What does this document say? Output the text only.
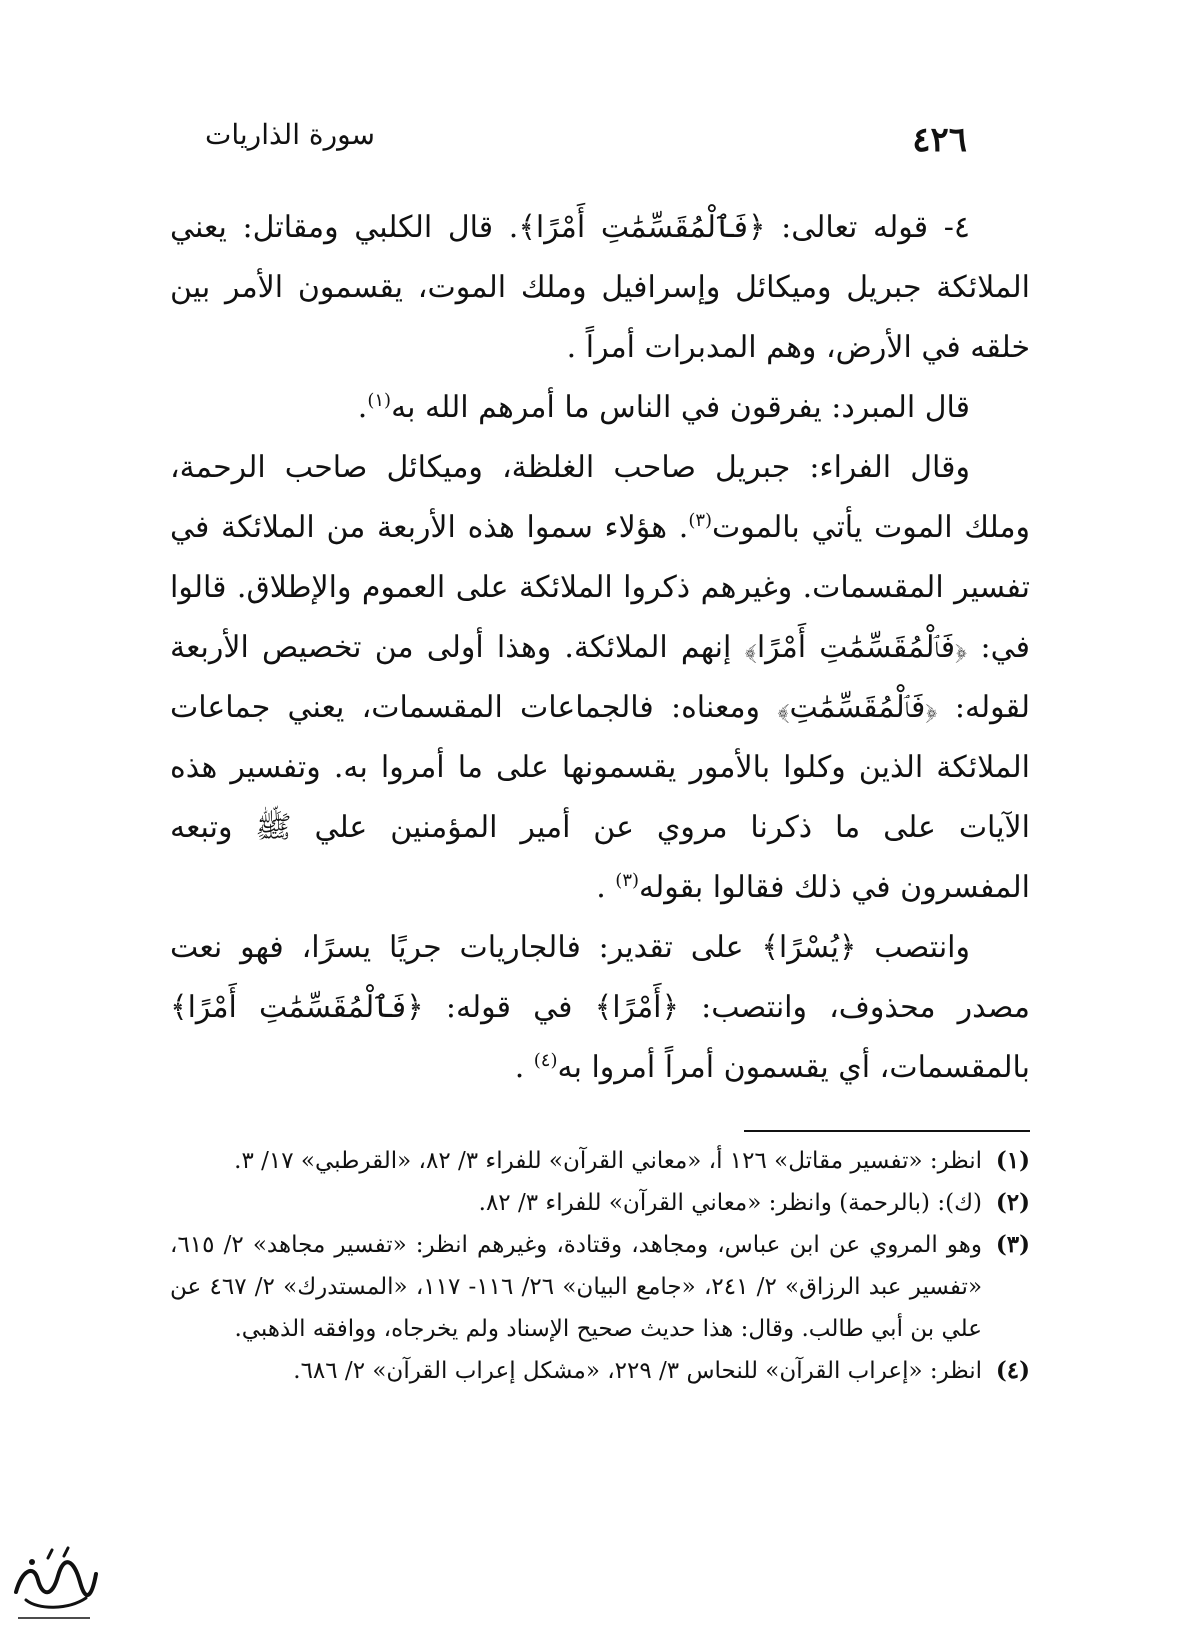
٤٢٦
سورة الذاريات

٤- قوله تعالى: ﴿فَٱلْمُقَسِّمَٰتِ أَمْرًا﴾. قال الكلبي ومقاتل: يعني الملائكة جبريل وميكائل وإسرافيل وملك الموت، يقسمون الأمر بين خلقه في الأرض، وهم المدبرات أمراً .

قال المبرد: يفرقون في الناس ما أمرهم الله به$^{(١)}$.

وقال الفراء: جبريل صاحب الغلظة، وميكائل صاحب الرحمة، وملك الموت يأتي بالموت$^{(٣)}$. هؤلاء سموا هذه الأربعة من الملائكة في تفسير المقسمات. وغيرهم ذكروا الملائكة على العموم والإطلاق. قالوا في: ﴿فَٱلْمُقَسِّمَٰتِ أَمْرًا﴾ إنهم الملائكة. وهذا أولى من تخصيص الأربعة لقوله: ﴿فَٱلْمُقَسِّمَٰتِ﴾ ومعناه: فالجماعات المقسمات، يعني جماعات الملائكة الذين وكلوا بالأمور يقسمونها على ما أمروا به. وتفسير هذه الآيات على ما ذكرنا مروي عن أمير المؤمنين علي ﷺ وتبعه المفسرون في ذلك فقالوا بقوله$^{(٣)}$ .

وانتصب ﴿يُسْرًا﴾ على تقدير: فالجاريات جريًا يسرًا، فهو نعت مصدر محذوف، وانتصب: ﴿أَمْرًا﴾ في قوله: ﴿فَٱلْمُقَسِّمَٰتِ أَمْرًا﴾ بالمقسمات، أي يقسمون أمراً أمروا به$^{(٤)}$ .

(١)
انظر: «تفسير مقاتل» ١٢٦ أ، «معاني القرآن» للفراء ٣/ ٨٢، «القرطبي» ١٧/ ٣.
(٢)
(ك): (بالرحمة) وانظر: «معاني القرآن» للفراء ٣/ ٨٢.
(٣)
وهو المروي عن ابن عباس، ومجاهد، وقتادة، وغيرهم انظر: «تفسير مجاهد» ٢/ ٦١٥، «تفسير عبد الرزاق» ٢/ ٢٤١، «جامع البيان» ٢٦/ ١١٦- ١١٧، «المستدرك» ٢/ ٤٦٧ عن علي بن أبي طالب. وقال: هذا حديث صحيح الإسناد ولم يخرجاه، ووافقه الذهبي.
(٤)
انظر: «إعراب القرآن» للنحاس ٣/ ٢٢٩، «مشكل إعراب القرآن» ٢/ ٦٨٦.
